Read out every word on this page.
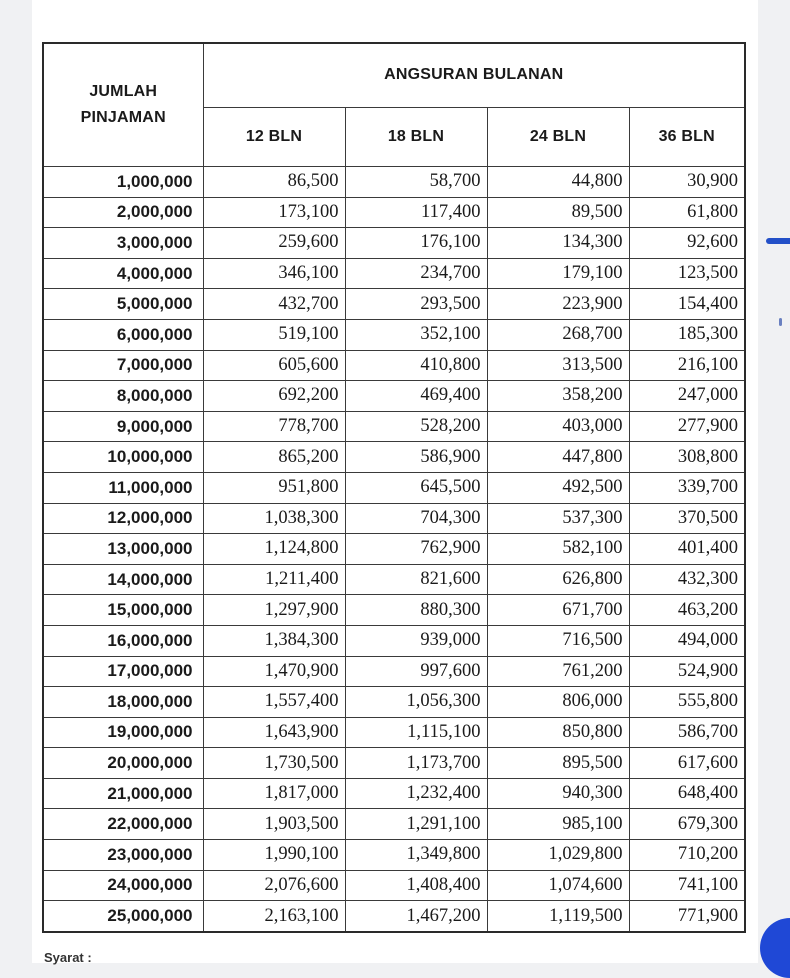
JUMLAH
PINJAMAN	ANGSURAN BULANAN			
	12 BLN	18 BLN	24 BLN	36 BLN
1,000,000	86,500	58,700	44,800	30,900
2,000,000	173,100	117,400	89,500	61,800
3,000,000	259,600	176,100	134,300	92,600
4,000,000	346,100	234,700	179,100	123,500
5,000,000	432,700	293,500	223,900	154,400
6,000,000	519,100	352,100	268,700	185,300
7,000,000	605,600	410,800	313,500	216,100
8,000,000	692,200	469,400	358,200	247,000
9,000,000	778,700	528,200	403,000	277,900
10,000,000	865,200	586,900	447,800	308,800
11,000,000	951,800	645,500	492,500	339,700
12,000,000	1,038,300	704,300	537,300	370,500
13,000,000	1,124,800	762,900	582,100	401,400
14,000,000	1,211,400	821,600	626,800	432,300
15,000,000	1,297,900	880,300	671,700	463,200
16,000,000	1,384,300	939,000	716,500	494,000
17,000,000	1,470,900	997,600	761,200	524,900
18,000,000	1,557,400	1,056,300	806,000	555,800
19,000,000	1,643,900	1,115,100	850,800	586,700
20,000,000	1,730,500	1,173,700	895,500	617,600
21,000,000	1,817,000	1,232,400	940,300	648,400
22,000,000	1,903,500	1,291,100	985,100	679,300
23,000,000	1,990,100	1,349,800	1,029,800	710,200
24,000,000	2,076,600	1,408,400	1,074,600	741,100
25,000,000	2,163,100	1,467,200	1,119,500	771,900
Syarat :
